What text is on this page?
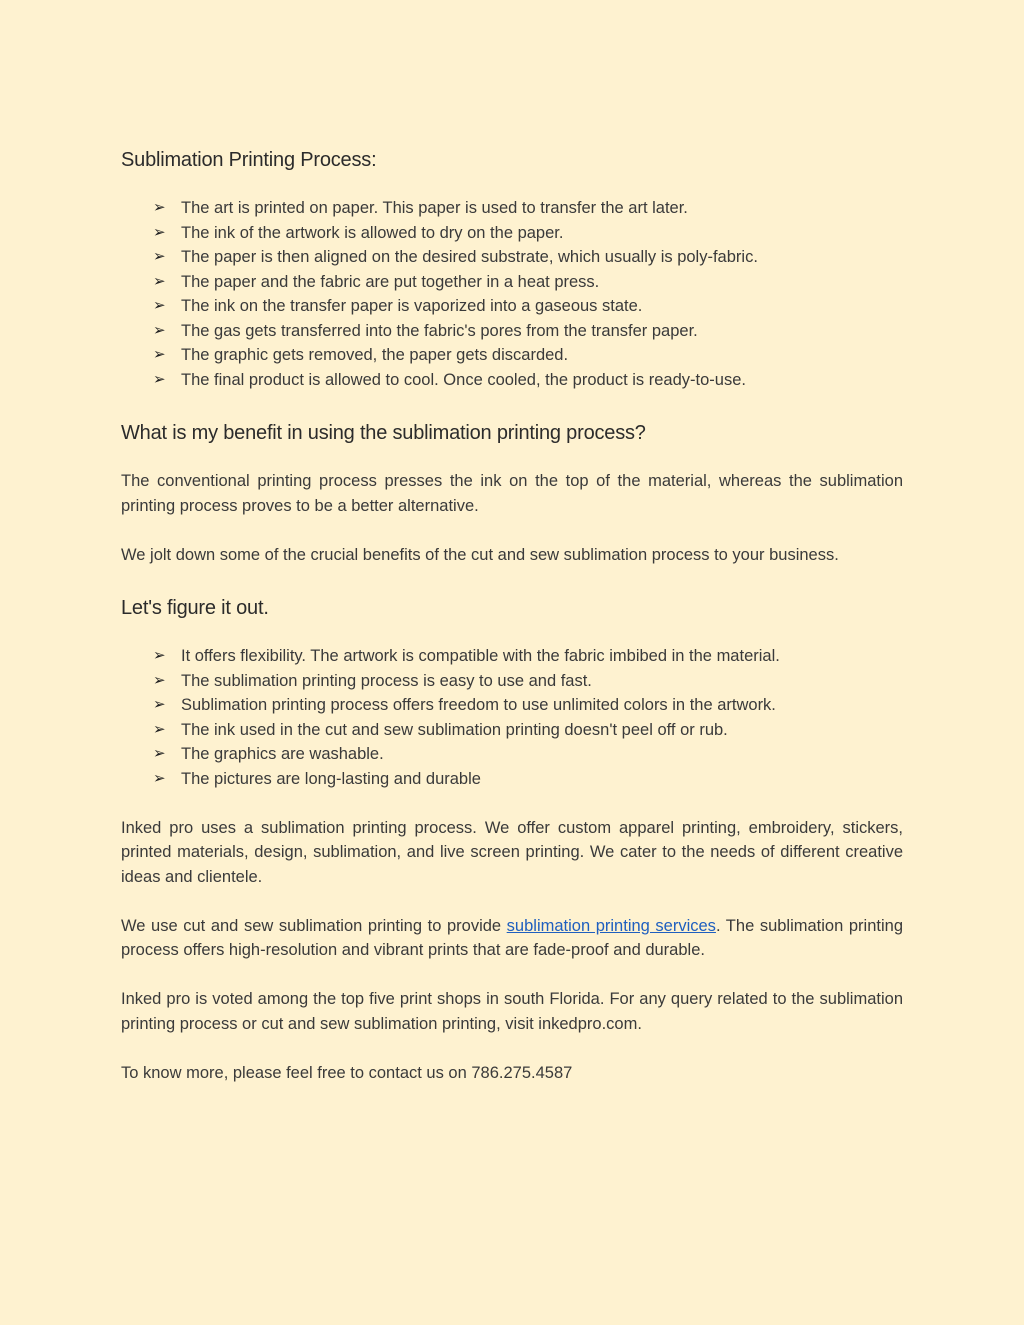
Sublimation Printing Process:
➢ The art is printed on paper. This paper is used to transfer the art later.
➢ The ink of the artwork is allowed to dry on the paper.
➢ The paper is then aligned on the desired substrate, which usually is poly-fabric.
➢ The paper and the fabric are put together in a heat press.
➢ The ink on the transfer paper is vaporized into a gaseous state.
➢ The gas gets transferred into the fabric's pores from the transfer paper.
➢ The graphic gets removed, the paper gets discarded.
➢ The final product is allowed to cool. Once cooled, the product is ready-to-use.
What is my benefit in using the sublimation printing process?

The conventional printing process presses the ink on the top of the material, whereas the sublimation printing process proves to be a better alternative.

We jolt down some of the crucial benefits of the cut and sew sublimation process to your business.

Let's figure it out.
➢ It offers flexibility. The artwork is compatible with the fabric imbibed in the material.
➢ The sublimation printing process is easy to use and fast.
➢ Sublimation printing process offers freedom to use unlimited colors in the artwork.
➢ The ink used in the cut and sew sublimation printing doesn't peel off or rub.
➢ The graphics are washable.
➢ The pictures are long-lasting and durable

Inked pro uses a sublimation printing process. We offer custom apparel printing, embroidery, stickers, printed materials, design, sublimation, and live screen printing. We cater to the needs of different creative ideas and clientele.

We use cut and sew sublimation printing to provide sublimation printing services. The sublimation printing process offers high-resolution and vibrant prints that are fade-proof and durable.

Inked pro is voted among the top five print shops in south Florida. For any query related to the sublimation printing process or cut and sew sublimation printing, visit inkedpro.com.

To know more, please feel free to contact us on 786.275.4587
